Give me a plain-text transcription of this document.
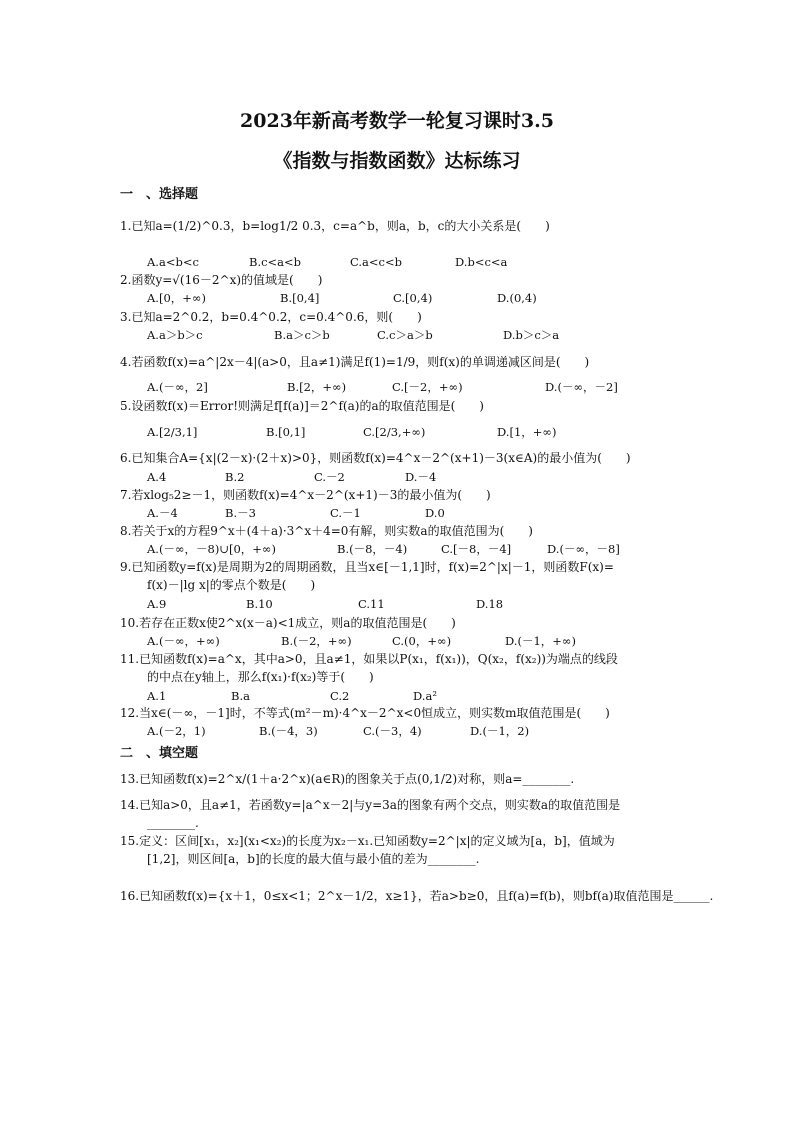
2023年新高考数学一轮复习课时3.5
《指数与指数函数》达标练习
一　、选择题
1.已知a=(1/2)^0.3，b=log1/2 0.3，c=a^b，则a，b，c的大小关系是(　　)
A.a<b<c	B.c<a<b	C.a<c<b	D.b<c<a
2.函数y=√(16－2^x)的值域是(　　)
A.[0，+∞)	B.[0,4]	C.[0,4)	D.(0,4)
3.已知a=2^0.2，b=0.4^0.2，c=0.4^0.6，则(　　)
A.a＞b＞c	B.a＞c＞b	C.c＞a＞b	D.b＞c＞a
4.若函数f(x)=a^|2x－4|(a>0，且a≠1)满足f(1)=1/9，则f(x)的单调递减区间是(　　)
A.(－∞，2]	B.[2，+∞)	C.[－2，+∞)	D.(－∞，－2]
5.设函数f(x)＝Error!则满足f[f(a)]＝2^f(a)的a的取值范围是(　　)
A.[2/3,1]	B.[0,1]	C.[2/3,+∞)	D.[1，+∞)
6.已知集合A={x|(2－x)·(2＋x)>0}，则函数f(x)=4^x－2^(x+1)－3(x∈A)的最小值为(　　)
A.4	B.2	C.－2	D.－4
7.若xlog₅2≥－1，则函数f(x)=4^x－2^(x+1)－3的最小值为(　　)
A.－4	B.－3	C.－1	D.0
8.若关于x的方程9^x＋(4＋a)·3^x＋4=0有解，则实数a的取值范围为(　　)
A.(－∞，－8)∪[0，+∞)	B.(－8，－4)	C.[－8，－4]	D.(－∞，－8]
9.已知函数y=f(x)是周期为2的周期函数，且当x∈[－1,1]时，f(x)=2^|x|－1，则函数F(x)=
f(x)－|lg x|的零点个数是(　　)
A.9	B.10	C.11	D.18
10.若存在正数x使2^x(x－a)<1成立，则a的取值范围是(　　)
A.(－∞，+∞)	B.(－2，+∞)	C.(0，+∞)	D.(－1，+∞)
11.已知函数f(x)=a^x，其中a>0，且a≠1，如果以P(x₁，f(x₁))，Q(x₂，f(x₂))为端点的线段
的中点在y轴上，那么f(x₁)·f(x₂)等于(　　)
A.1	B.a	C.2	D.a²
12.当x∈(－∞，－1]时，不等式(m²－m)·4^x－2^x<0恒成立，则实数m取值范围是(　　)
A.(－2，1)	B.(－4，3)	C.(－3，4)	D.(－1，2)
二　、填空题
13.已知函数f(x)=2^x/(1＋a·2^x)(a∈R)的图象关于点(0,1/2)对称，则a=________.
14.已知a>0，且a≠1，若函数y=|a^x－2|与y=3a的图象有两个交点，则实数a的取值范围是
________.
15.定义：区间[x₁，x₂](x₁<x₂)的长度为x₂－x₁.已知函数y=2^|x|的定义域为[a，b]，值域为
[1,2]，则区间[a，b]的长度的最大值与最小值的差为________.
16.已知函数f(x)={x＋1，0≤x<1；2^x－1/2，x≥1}，若a>b≥0，且f(a)=f(b)，则bf(a)取值范围是______.
